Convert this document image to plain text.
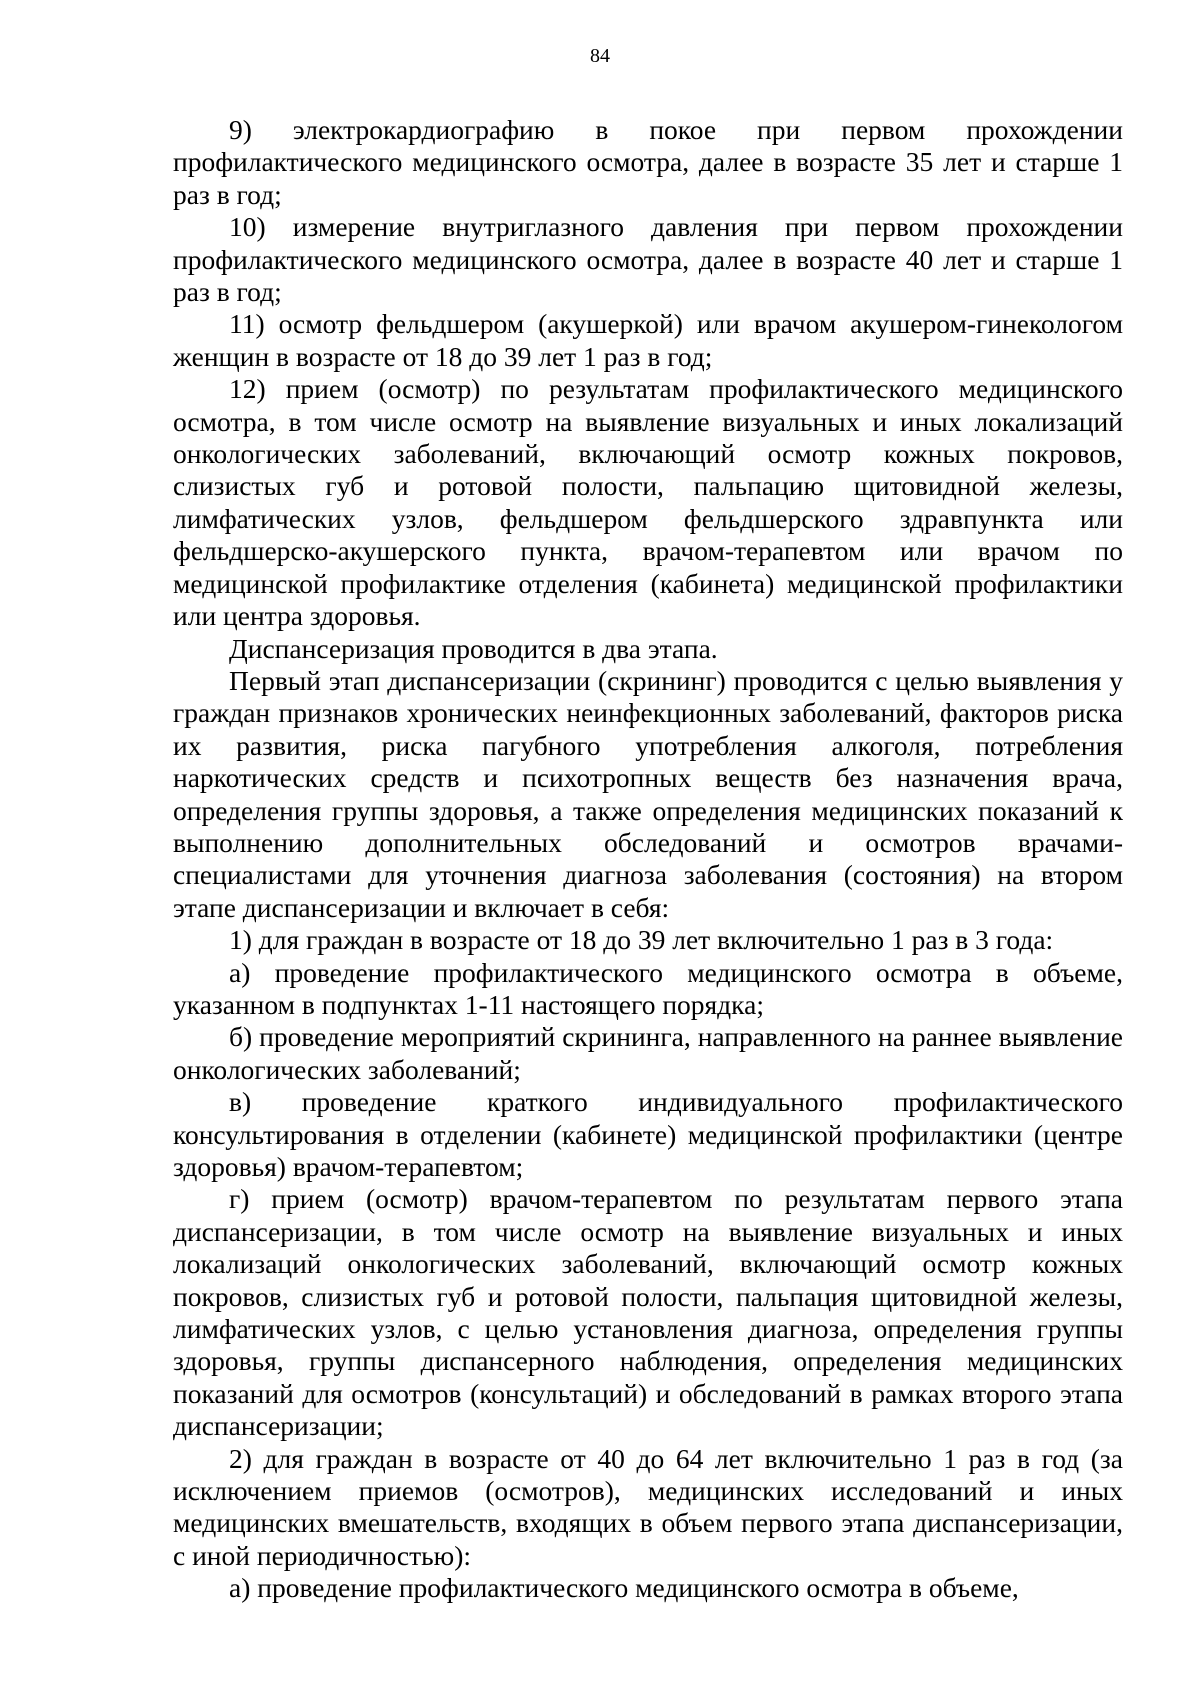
84

9) электрокардиографию в покое при первом прохождении профилактического медицинского осмотра, далее в возрасте 35 лет и старше 1 раз в год;

10) измерение внутриглазного давления при первом прохождении профилактического медицинского осмотра, далее в возрасте 40 лет и старше 1 раз в год;

11) осмотр фельдшером (акушеркой) или врачом акушером-гинекологом женщин в возрасте от 18 до 39 лет 1 раз в год;

12) прием (осмотр) по результатам профилактического медицинского осмотра, в том числе осмотр на выявление визуальных и иных локализаций онкологических заболеваний, включающий осмотр кожных покровов, слизистых губ и ротовой полости, пальпацию щитовидной железы, лимфатических узлов, фельдшером фельдшерского здравпункта или фельдшерско-акушерского пункта, врачом-терапевтом или врачом по медицинской профилактике отделения (кабинета) медицинской профилактики или центра здоровья.

Диспансеризация проводится в два этапа.

Первый этап диспансеризации (скрининг) проводится с целью выявления у граждан признаков хронических неинфекционных заболеваний, факторов риска их развития, риска пагубного употребления алкоголя, потребления наркотических средств и психотропных веществ без назначения врача, определения группы здоровья, а также определения медицинских показаний к выполнению дополнительных обследований и осмотров врачами-специалистами для уточнения диагноза заболевания (состояния) на втором этапе диспансеризации и включает в себя:

1) для граждан в возрасте от 18 до 39 лет включительно 1 раз в 3 года:

а) проведение профилактического медицинского осмотра в объеме, указанном в подпунктах 1-11 настоящего порядка;

б) проведение мероприятий скрининга, направленного на раннее выявление онкологических заболеваний;

в) проведение краткого индивидуального профилактического консультирования в отделении (кабинете) медицинской профилактики (центре здоровья) врачом-терапевтом;

г) прием (осмотр) врачом-терапевтом по результатам первого этапа диспансеризации, в том числе осмотр на выявление визуальных и иных локализаций онкологических заболеваний, включающий осмотр кожных покровов, слизистых губ и ротовой полости, пальпация щитовидной железы, лимфатических узлов, с целью установления диагноза, определения группы здоровья, группы диспансерного наблюдения, определения медицинских показаний для осмотров (консультаций) и обследований в рамках второго этапа диспансеризации;

2) для граждан в возрасте от 40 до 64 лет включительно 1 раз в год (за исключением приемов (осмотров), медицинских исследований и иных медицинских вмешательств, входящих в объем первого этапа диспансеризации, с иной периодичностью):

а) проведение профилактического медицинского осмотра в объеме,
